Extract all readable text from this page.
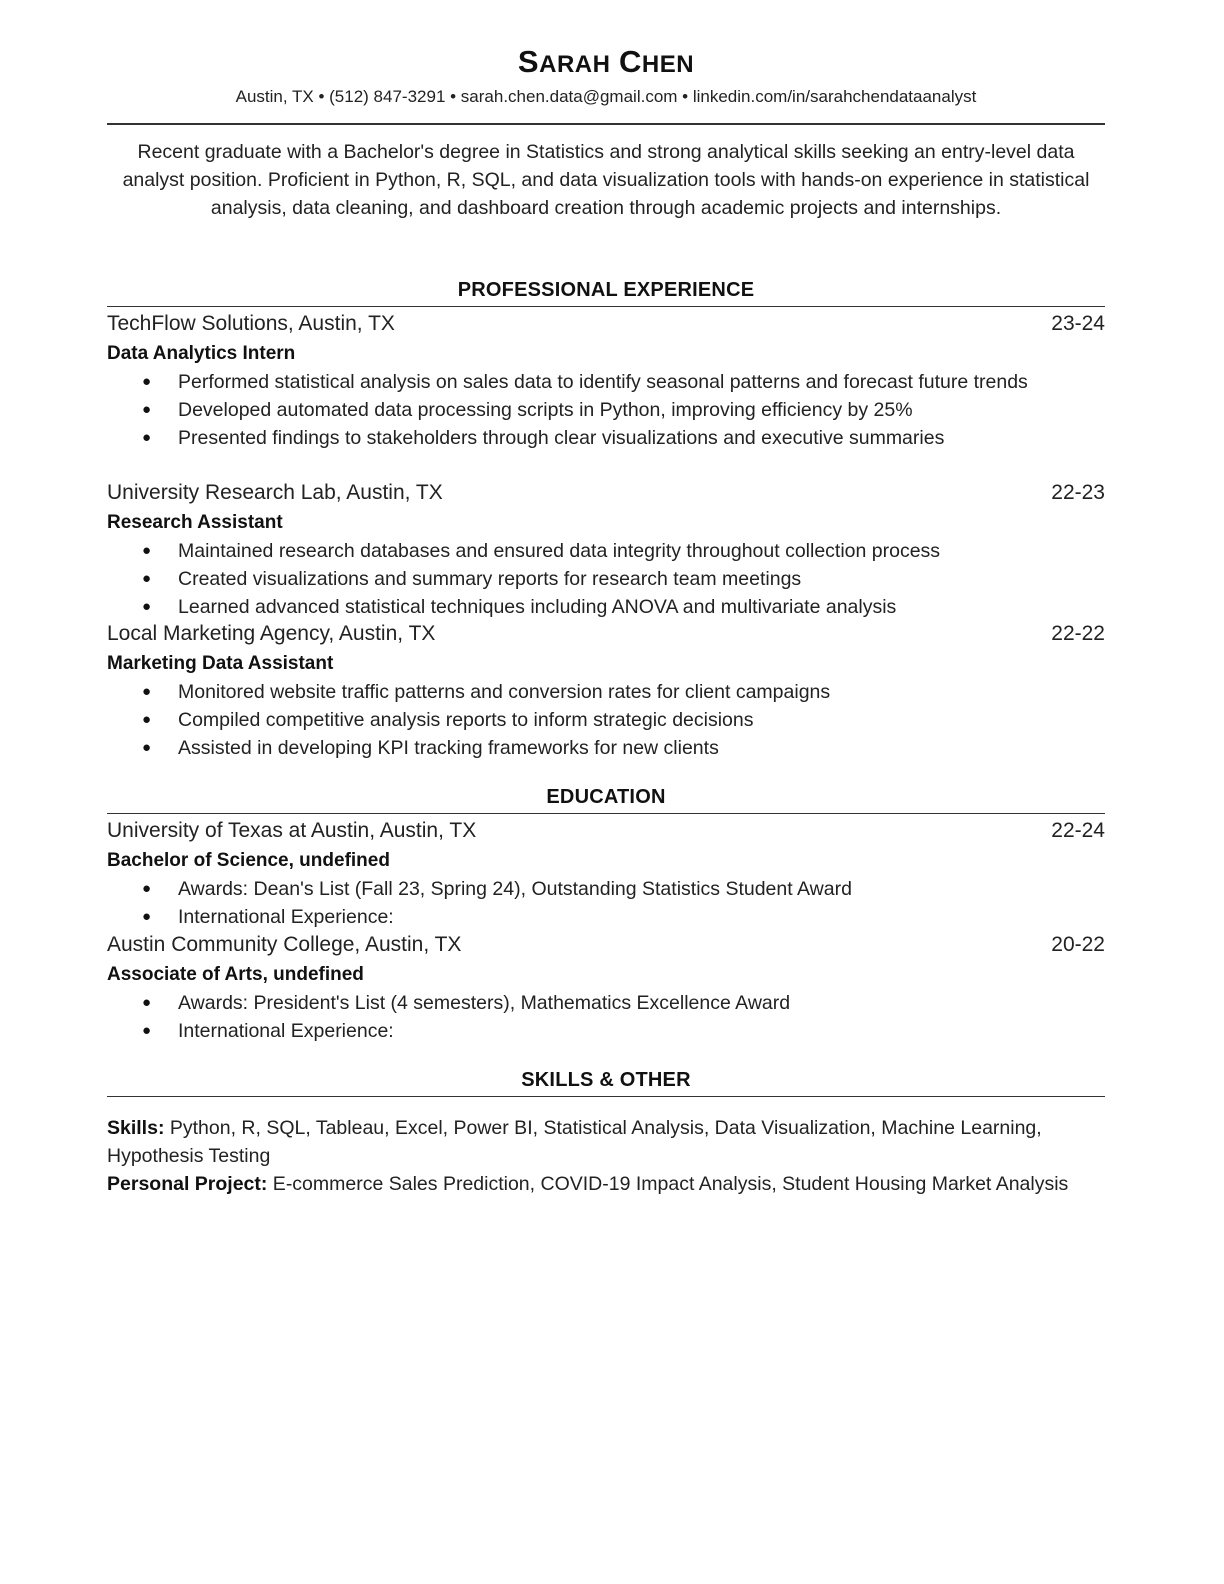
SARAH CHEN
Austin, TX • (512) 847-3291 • sarah.chen.data@gmail.com • linkedin.com/in/sarahchendataanalyst
Recent graduate with a Bachelor's degree in Statistics and strong analytical skills seeking an entry-level data analyst position. Proficient in Python, R, SQL, and data visualization tools with hands-on experience in statistical analysis, data cleaning, and dashboard creation through academic projects and internships.
PROFESSIONAL EXPERIENCE
TechFlow Solutions, Austin, TX	23-24
Data Analytics Intern
● Performed statistical analysis on sales data to identify seasonal patterns and forecast future trends
● Developed automated data processing scripts in Python, improving efficiency by 25%
● Presented findings to stakeholders through clear visualizations and executive summaries
University Research Lab, Austin, TX	22-23
Research Assistant
● Maintained research databases and ensured data integrity throughout collection process
● Created visualizations and summary reports for research team meetings
● Learned advanced statistical techniques including ANOVA and multivariate analysis
Local Marketing Agency, Austin, TX	22-22
Marketing Data Assistant
● Monitored website traffic patterns and conversion rates for client campaigns
● Compiled competitive analysis reports to inform strategic decisions
● Assisted in developing KPI tracking frameworks for new clients
EDUCATION
University of Texas at Austin, Austin, TX	22-24
Bachelor of Science, undefined
● Awards: Dean's List (Fall 23, Spring 24), Outstanding Statistics Student Award
● International Experience:
Austin Community College, Austin, TX	20-22
Associate of Arts, undefined
● Awards: President's List (4 semesters), Mathematics Excellence Award
● International Experience:
SKILLS & OTHER
Skills: Python, R, SQL, Tableau, Excel, Power BI, Statistical Analysis, Data Visualization, Machine Learning, Hypothesis Testing
Personal Project: E-commerce Sales Prediction, COVID-19 Impact Analysis, Student Housing Market Analysis
